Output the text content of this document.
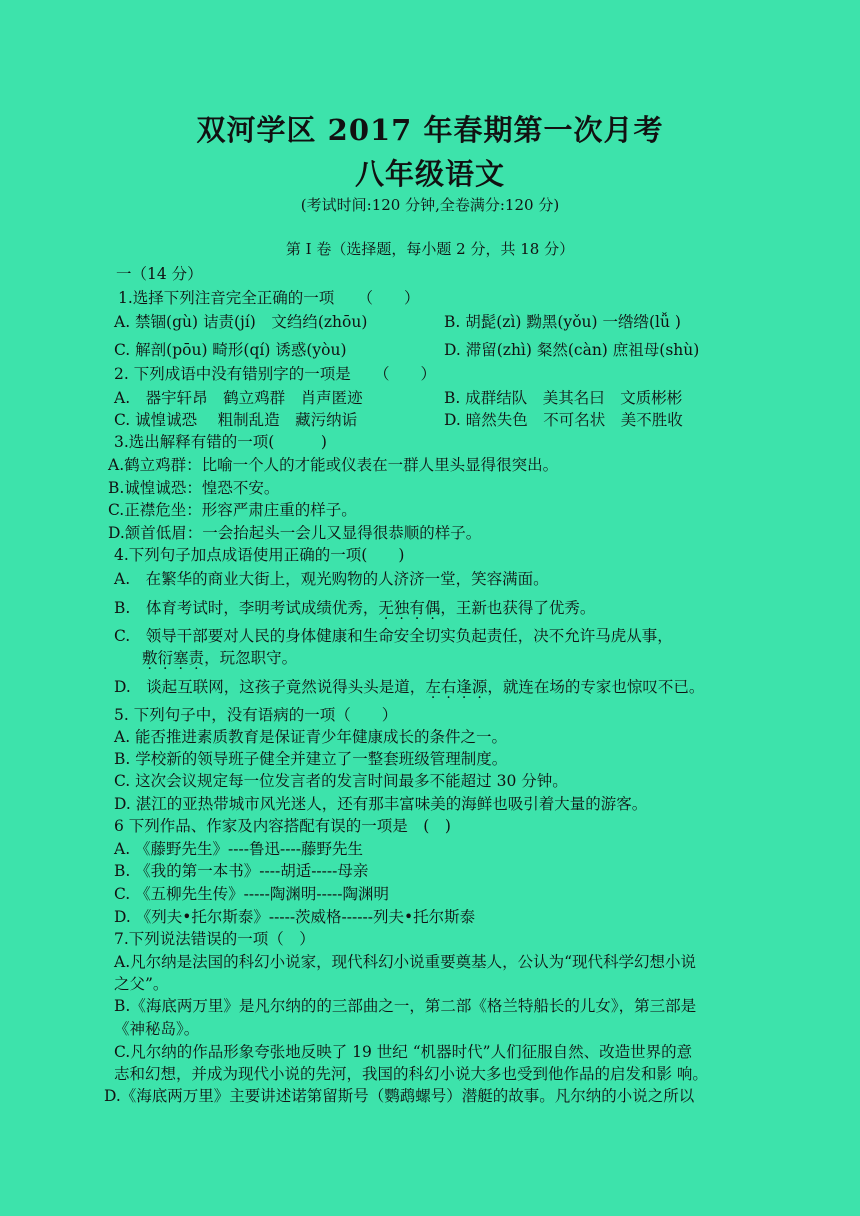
双河学区 2017 年春期第一次月考
八年级语文
(考试时间:120 分钟,全卷满分:120 分)
第 I 卷（选择题，每小题 2 分，共 18 分）
一（14 分）
1.选择下列注音完全正确的一项　　（　　）
A. 禁锢(gù) 诘责(jí)　文绉绉(zhōu)	B. 胡髭(zì) 黝黑(yǒu) 一绺绺(lǚ )
C. 解剖(pōu) 畸形(qí) 诱惑(yòu)	D. 滞留(zhì) 粲然(càn) 庶祖母(shù)
2. 下列成语中没有错别字的一项是　　（　　）
A.　器宇轩昂　鹤立鸡群　肖声匿迹	B. 成群结队　美其名曰　文质彬彬
C. 诚惶诚恐　 粗制乱造　藏污纳诟	D. 暗然失色　不可名状　美不胜收
3.选出解释有错的一项(　　　)
A.鹤立鸡群：比喻一个人的才能或仪表在一群人里头显得很突出。
B.诚惶诚恐：惶恐不安。
C.正襟危坐：形容严肃庄重的样子。
D.颔首低眉：一会抬起头一会儿又显得很恭顺的样子。
4.下列句子加点成语使用正确的一项(　　)
A.　在繁华的商业大街上，观光购物的人济济一堂，笑容满面。
B.　体育考试时，李明考试成绩优秀，无独有偶，王新也获得了优秀。
C.　领导干部要对人民的身体健康和生命安全切实负起责任，决不允许马虎从事，
敷衍塞责，玩忽职守。
D.　谈起互联网，这孩子竟然说得头头是道，左右逢源，就连在场的专家也惊叹不已。
5. 下列句子中，没有语病的一项（　　）
A. 能否推进素质教育是保证青少年健康成长的条件之一。
B. 学校新的领导班子健全并建立了一整套班级管理制度。
C. 这次会议规定每一位发言者的发言时间最多不能超过 30 分钟。
D. 湛江的亚热带城市风光迷人，还有那丰富味美的海鲜也吸引着大量的游客。
6 下列作品、作家及内容搭配有误的一项是　(　)
A. 《藤野先生》----鲁迅----藤野先生
B. 《我的第一本书》----胡适-----母亲
C. 《五柳先生传》-----陶渊明-----陶渊明
D. 《列夫•托尔斯泰》-----茨威格------列夫•托尔斯泰
7.下列说法错误的一项（　）
A.凡尔纳是法国的科幻小说家，现代科幻小说重要奠基人，公认为“现代科学幻想小说
之父”。
B.《海底两万里》是凡尔纳的的三部曲之一，第二部《格兰特船长的儿女》，第三部是
《神秘岛》。
C.凡尔纳的作品形象夸张地反映了 19 世纪 “机器时代”人们征服自然、改造世界的意
志和幻想，并成为现代小说的先河，我国的科幻小说大多也受到他作品的启发和影 响。
D.《海底两万里》主要讲述诺第留斯号（鹦鹉螺号）潜艇的故事。凡尔纳的小说之所以
